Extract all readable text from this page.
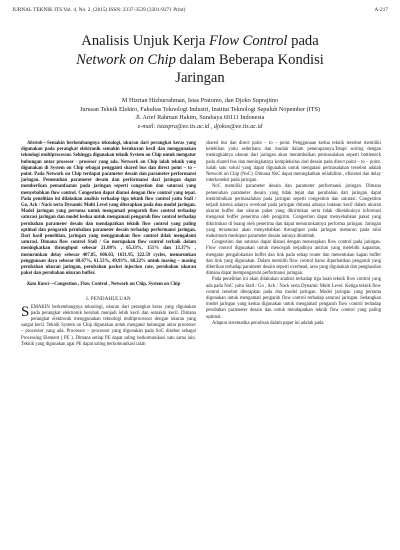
JURNAL TEKNIK ITS Vol. 4, No. 2, (2015) ISSN: 2337-3539 (2301-9271 Print)	A-217
Analisis Unjuk Kerja Flow Control pada
Network on Chip dalam Beberapa Kondisi
Jaringan
M Hizrian Hizburrahman, Istas Pratomo, dan Djoko Suprajitno
Jurusan Teknik Elektro, Fakultas Teknologi Industri, Institut Teknologi Sepuluh Nopember (ITS)
Jl. Arief Rahman Hakim, Surabaya 60111 Indonesia
e-mail: istaspra@ee.its.ac.id , djokos@ee.its.ac.id

Abstrak—Semakin berkembangnya teknologi, ukuran dari perangkat keras yang digunakan pada perangkat elektronik semakin berukuran kecil dan menggunakan teknologi multiprocessor. Sehingga digunakan teknik System on Chip untuk mengatur hubungan antar prosesor - prosesor yang ada. Network on Chip ialah teknik yang digunakan di System on Chip sebagai pengganti shared bus dan direct point – to – point. Pada Network on Chip terdapat parameter desain dan parameter performansi jaringan. Pemenuhan parameter desain dan performansi dari jaringan dapat memberikan pemanfaatan pada jaringan seperti congestion dan saturasi yang menyebabkan flow control. Congestion dapat diatasi dengan flow control yang tepat. Pada penelitian ini dilakukan analisis terhadap tiga teknik flow control yaitu Stall / Go, Ack / Nack serta Dynamic Multi Level yang diterapkan pada dua model jaringan. Model jaringan yang pertama untuk mengamati pengaruh flow control terhadap saturasi jaringan dan model kedua untuk mengamati pengaruh flow control terhadap perubahan parameter desain dan mendapatkan teknik flow control yang paling optimal dan pengaruh perubahan parameter desain terhadap performansi jaringan. Dari hasil penelitian, jaringan yang menggunakan flow control tidak mengalami saturasi. Dimana flow control Stall / Go merupakan flow control terbaik dalam meningkatkan throughput sebesar 21.08% , 65.33%, 151% dan 13.37% , menurunkan delay sebesar 407.85, 606.03, 1631.95, 322.59 cycles, menurunkan penggunaan daya sebesar 68.67%, 61.53%, 49.93%, 68.22% untuk masing – masing perubahan ukuran jaringan, perubahan packet injection rate, perubahan ukuran paket dan perubahan ukuran buffer.

Kata Kunci—Congestion , Flow Control , Network on Chip, System on Chip

I. PENDAHULUAN

SEMAKIN berkembangnya teknologi, ukuran dari perangkat keras yang digunakan pada perangkat elektronik berubah menjadi lebih kecil dan semakin kecil. Dimana perangkat elektronik menggunakan teknologi multiprocessor dengan ukuran yang sangat kecil. Teknik System on Chip digunakan untuk mengatur hubungan antar processor – processor yang ada. Processor – processor yang digunakan pada SoC disebut sebagai Processing Element ( PE ). Dimana setiap PE dapat saling berkomunikasi satu sama lain. Teknik yang digunakan agar PE dapat saling berkomunikasi ialah

shared bus dan direct point – to – point. Penggunaan kedua teknik tersebut memiliki kelebihan yaitu sederhana dan mudah dalam penerapannya.Tetapi seiring dengan meningkatnya ukuran dari jaringan akan menimbulkan permasalahan seperti bottleneck pada shared bus dan meningkatnya kompleksitas dari desain pada direct point – to – point. Salah satu solusi yang dapat digunakan untuk mengatasi permasalahan tersebut adalah Network on Chip (NoC). Dimana NoC dapat meningkatkan reliabilitas , efisiensi dan delay interkoneksi pada jaringan.

NoC memiliki parameter desain dan parameter performansi jaringan. Dimana pemenuhan parameter desain yang tidak tepat dan perubahan dari jaringan dapat menimbulkan permasalahan pada jaringan seperti congestion dan saturasi. Congestion terjadi karena adanya overload pada jaringan dimana adanya batasan kecil dalam ukuran ukuran buffer dan ukuran paket yang dikirimkan serta tidak diketahuinya informasi mengenai buffer penerima oleh pengirim. Congestion dapat menyebabkan paket yang dikirimkan di buang oleh penerima dan dapat menurunkannya performa jaringan. Jaringan yang tersaturasi akan menyebabkan throughput pada jaringan menurun pada nilai maksimum meskipun parameter desain lainnya ditambah.

Congestion dan saturasi dapat diatasi dengan menerapkan flow control pada jaringan. Flow control digunakan untuk mencegah terjadinya antrian yang melebihi kapasitas, mengatur pengalokasian buffer dan link pada setiap router dan menentukan kapan buffer dan link yang digunakan. Dalam memilih flow control harus diperhatikan pengaruh yang diberikan terhadap parameter desain seperti overhead, area yang digunakan dan penghasilan dimana dapat mempengaruhi performansi jaringan.

Pada penelitian ini akan dilakukan analisis terhadap tiga buah teknik flow control yang ada pada NoC yaitu Stall / Go , Ack / Nack serta Dynamic Multi Level. Ketiga teknik flow control tersebut diterapkan pada dua model jaringan. Model jaringan yang pertama digunakan untuk mengamati pengaruh flow control terhadap saturasi jaringan. Sedangkan model jaringan yang kedua digunakan untuk mengamati pengaruh flow control terhadap perubahan parameter desain dan untuk mendapatkan teknik flow control yang paling optimal.

Adapun sistematika penulisan dalam paper ini adalah pada
